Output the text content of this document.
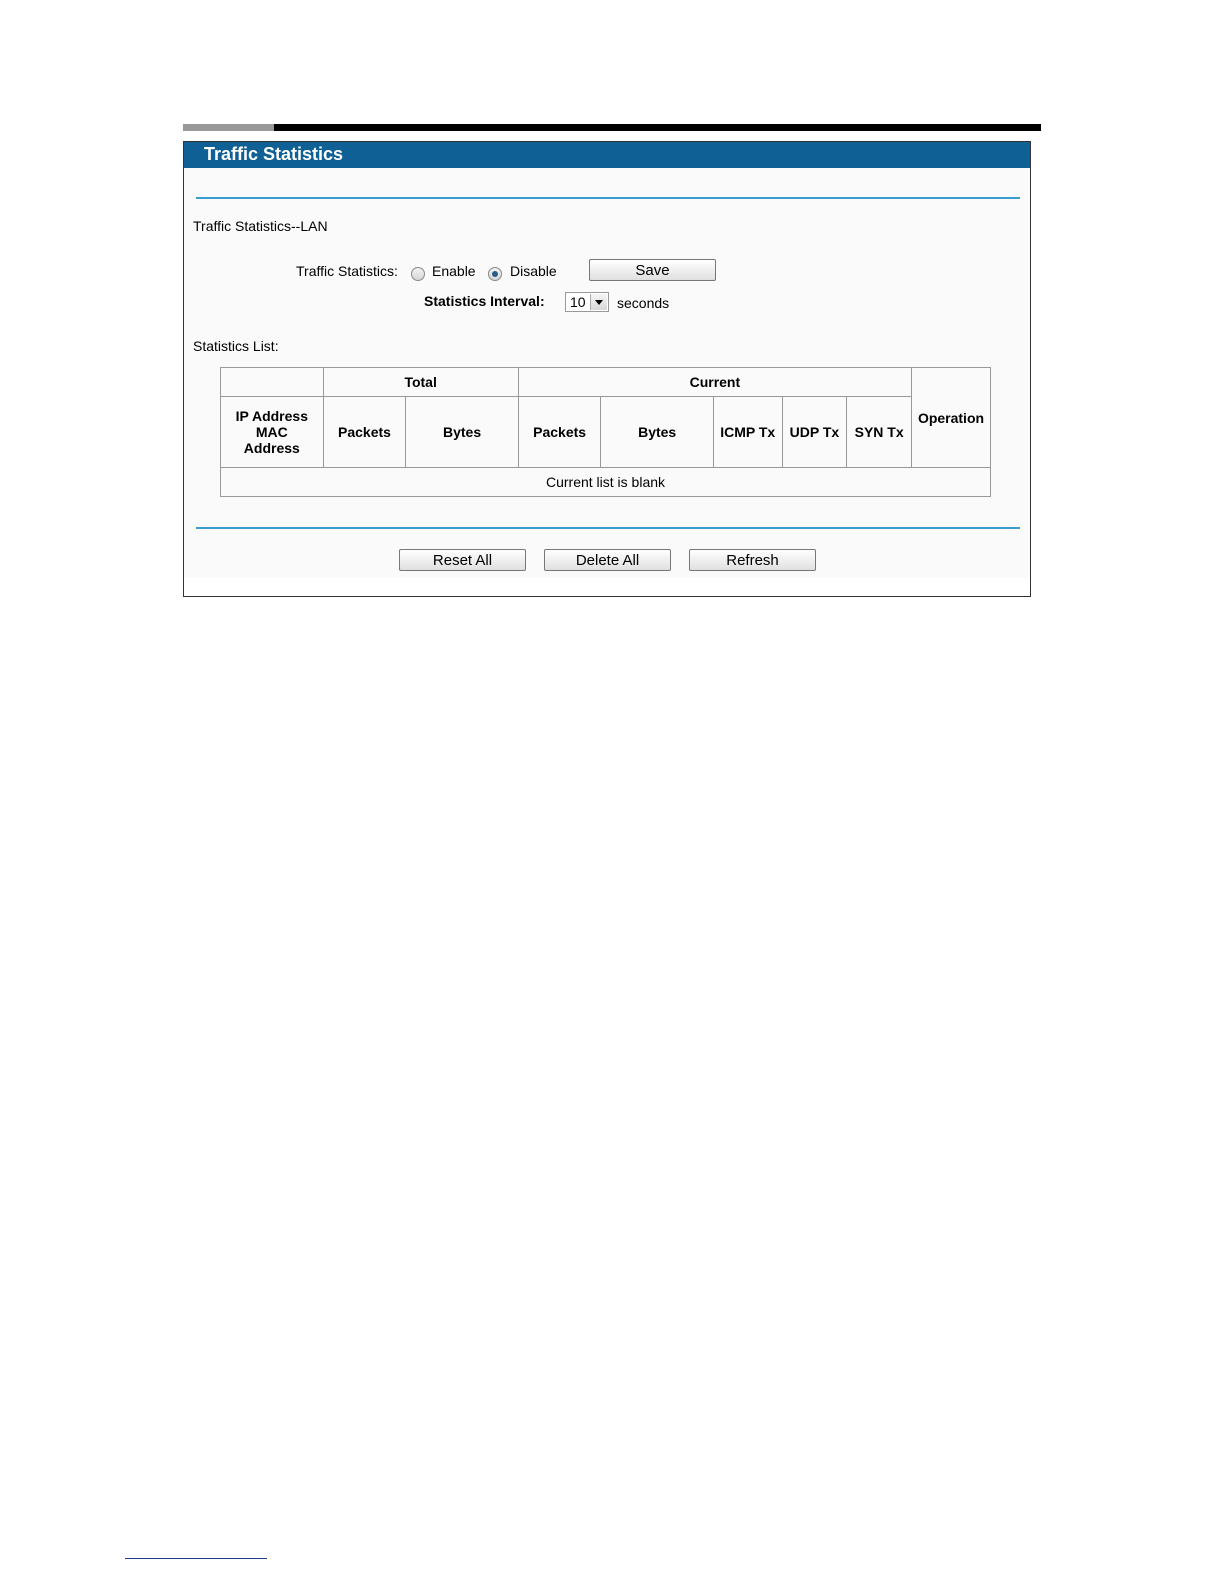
Traffic Statistics
Traffic Statistics--LAN
Traffic Statistics: Enable Disable	Save
Statistics Interval: 10 seconds
Statistics List:
	Total		Current					Operation
IP Address
MAC
Address	Packets	Bytes	Packets	Bytes	ICMP Tx	UDP Tx	SYN Tx	
Current list is blank								
Reset All	Delete All	Refresh
